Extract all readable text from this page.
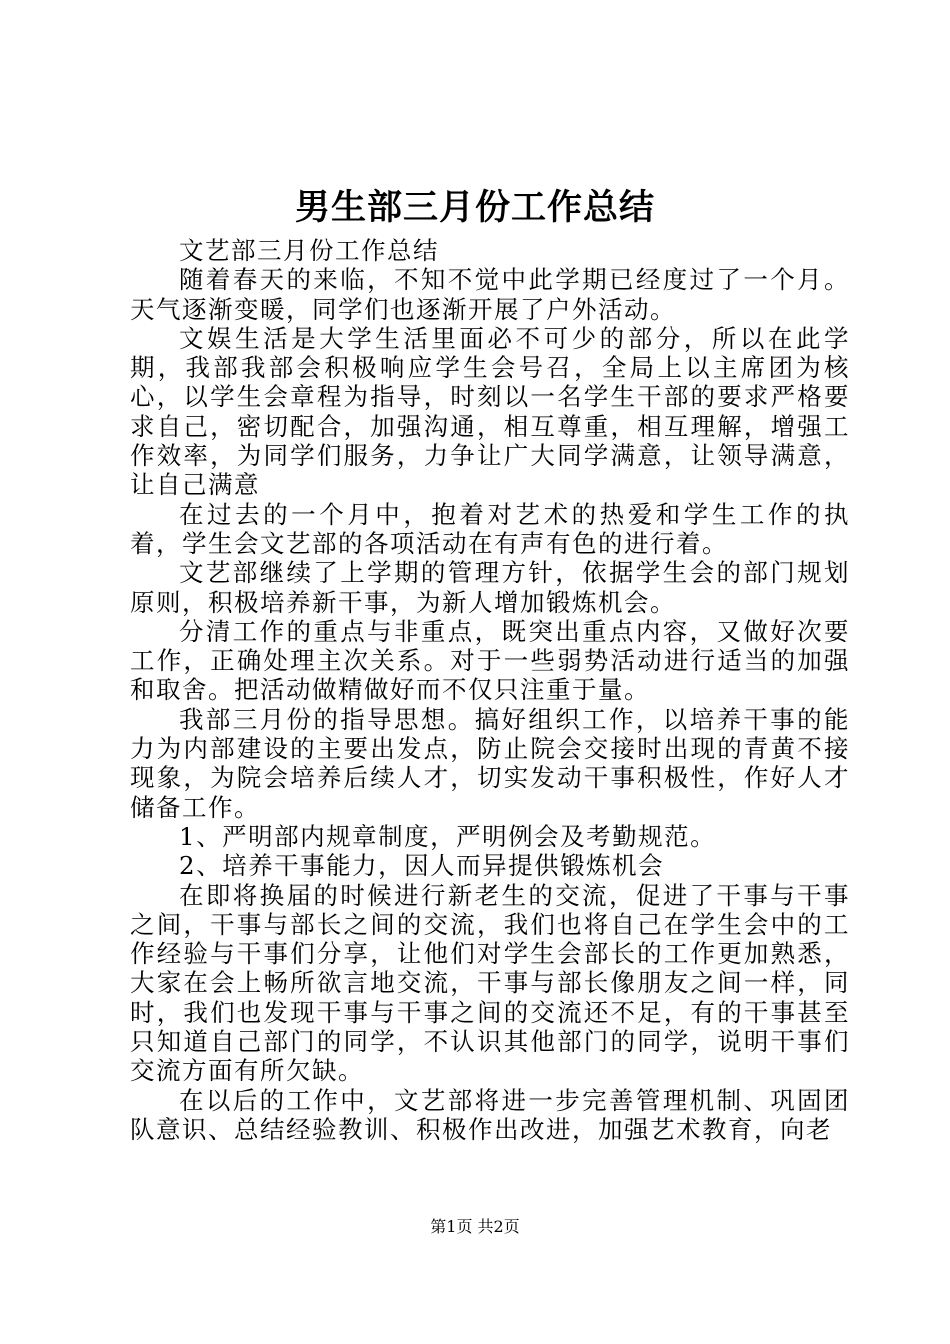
男生部三月份工作总结

文艺部三月份工作总结

随着春天的来临，不知不觉中此学期已经度过了一个月。天气逐渐变暖，同学们也逐渐开展了户外活动。

文娱生活是大学生活里面必不可少的部分，所以在此学期，我部我部会积极响应学生会号召，全局上以主席团为核心，以学生会章程为指导，时刻以一名学生干部的要求严格要求自己，密切配合，加强沟通，相互尊重，相互理解，增强工作效率，为同学们服务，力争让广大同学满意，让领导满意，让自己满意

在过去的一个月中，抱着对艺术的热爱和学生工作的执着，学生会文艺部的各项活动在有声有色的进行着。

文艺部继续了上学期的管理方针，依据学生会的部门规划原则，积极培养新干事，为新人增加锻炼机会。

分清工作的重点与非重点，既突出重点内容，又做好次要工作，正确处理主次关系。对于一些弱势活动进行适当的加强和取舍。把活动做精做好而不仅只注重于量。

我部三月份的指导思想。搞好组织工作，以培养干事的能力为内部建设的主要出发点，防止院会交接时出现的青黄不接现象，为院会培养后续人才，切实发动干事积极性，作好人才储备工作。

1、严明部内规章制度，严明例会及考勤规范。

2、培养干事能力，因人而异提供锻炼机会

在即将换届的时候进行新老生的交流，促进了干事与干事之间，干事与部长之间的交流，我们也将自己在学生会中的工作经验与干事们分享，让他们对学生会部长的工作更加熟悉，大家在会上畅所欲言地交流，干事与部长像朋友之间一样，同时，我们也发现干事与干事之间的交流还不足，有的干事甚至只知道自己部门的同学，不认识其他部门的同学，说明干事们交流方面有所欠缺。

在以后的工作中，文艺部将进一步完善管理机制、巩固团队意识、总结经验教训、积极作出改进，加强艺术教育，向老

第1页 共2页
